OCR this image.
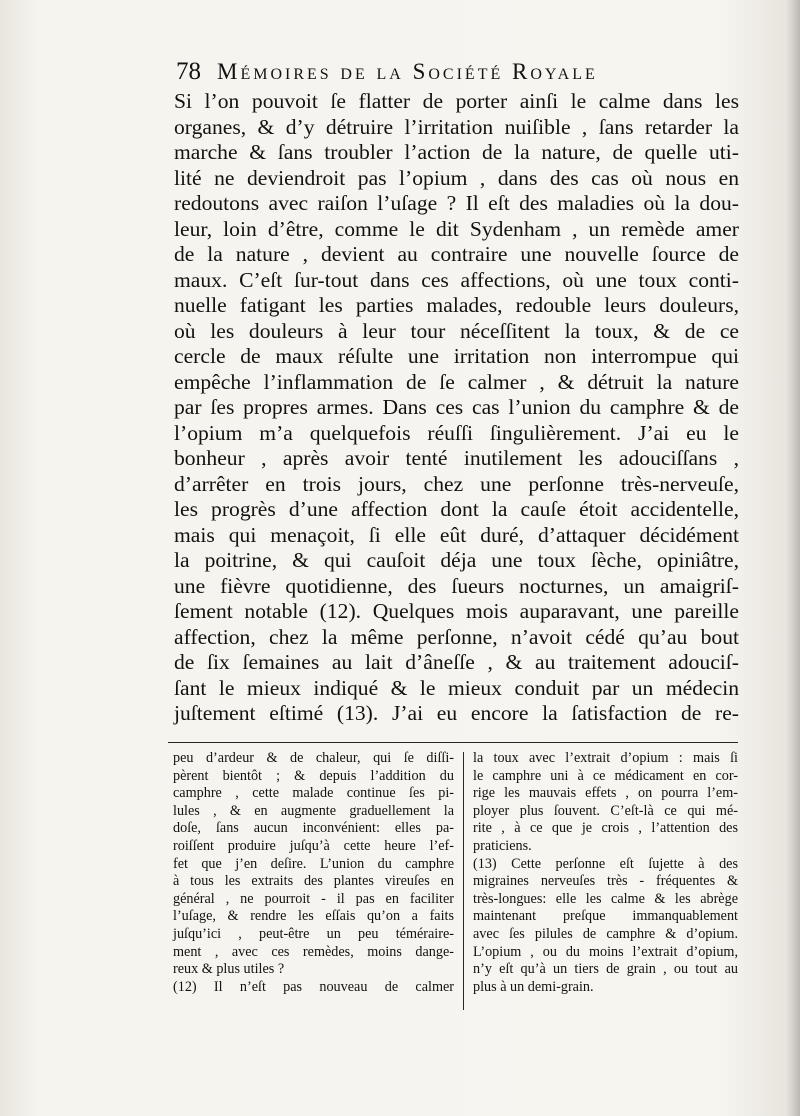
78 Mémoires de la Société Royale
Si l’on pouvoit ſe flatter de porter ainſi le calme dans les
organes, & d’y détruire l’irritation nuiſible , ſans retarder la
marche & ſans troubler l’action de la nature, de quelle uti-
lité ne deviendroit pas l’opium , dans des cas où nous en
redoutons avec raiſon l’uſage ? Il eſt des maladies où la dou-
leur, loin d’être, comme le dit Sydenham , un remède amer
de la nature , devient au contraire une nouvelle ſource de
maux. C’eſt ſur-tout dans ces affections, où une toux conti-
nuelle fatigant les parties malades, redouble leurs douleurs,
où les douleurs à leur tour néceſſitent la toux, & de ce
cercle de maux réſulte une irritation non interrompue qui
empêche l’inflammation de ſe calmer , & détruit la nature
par ſes propres armes. Dans ces cas l’union du camphre & de
l’opium m’a quelquefois réuſſi ſingulièrement. J’ai eu le
bonheur , après avoir tenté inutilement les adouciſſans ,
d’arrêter en trois jours, chez une perſonne très-nerveuſe,
les progrès d’une affection dont la cauſe étoit accidentelle,
mais qui menaçoit, ſi elle eût duré, d’attaquer décidément
la poitrine, & qui cauſoit déja une toux ſèche, opiniâtre,
une fièvre quotidienne, des ſueurs nocturnes, un amaigriſ-
ſement notable (12). Quelques mois auparavant, une pareille
affection, chez la même perſonne, n’avoit cédé qu’au bout
de ſix ſemaines au lait d’âneſſe , & au traitement adouciſ-
ſant le mieux indiqué & le mieux conduit par un médecin
juſtement eſtimé (13). J’ai eu encore la ſatisfaction de re-
peu d’ardeur & de chaleur, qui ſe diſſi-
pèrent bientôt ; & depuis l’addition du
camphre , cette malade continue ſes pi-
lules , & en augmente graduellement la
doſe, ſans aucun inconvénient: elles pa-
roiſſent produire juſqu’à cette heure l’ef-
fet que j’en deſire. L’union du camphre
à tous les extraits des plantes vireuſes en
général , ne pourroit - il pas en faciliter
l’uſage, & rendre les eſſais qu’on a faits
juſqu’ici , peut-être un peu téméraire-
ment , avec ces remèdes, moins dange-
reux & plus utiles ?
(12) Il n’eſt pas nouveau de calmer
la toux avec l’extrait d’opium : mais ſi
le camphre uni à ce médicament en cor-
rige les mauvais effets , on pourra l’em-
ployer plus ſouvent. C’eſt-là ce qui mé-
rite , à ce que je crois , l’attention des
praticiens.
(13) Cette perſonne eſt ſujette à des
migraines nerveuſes très - fréquentes &
très-longues: elle les calme & les abrège
maintenant preſque immanquablement
avec ſes pilules de camphre & d’opium.
L’opium , ou du moins l’extrait d’opium,
n’y eſt qu’à un tiers de grain , ou tout au
plus à un demi-grain.
